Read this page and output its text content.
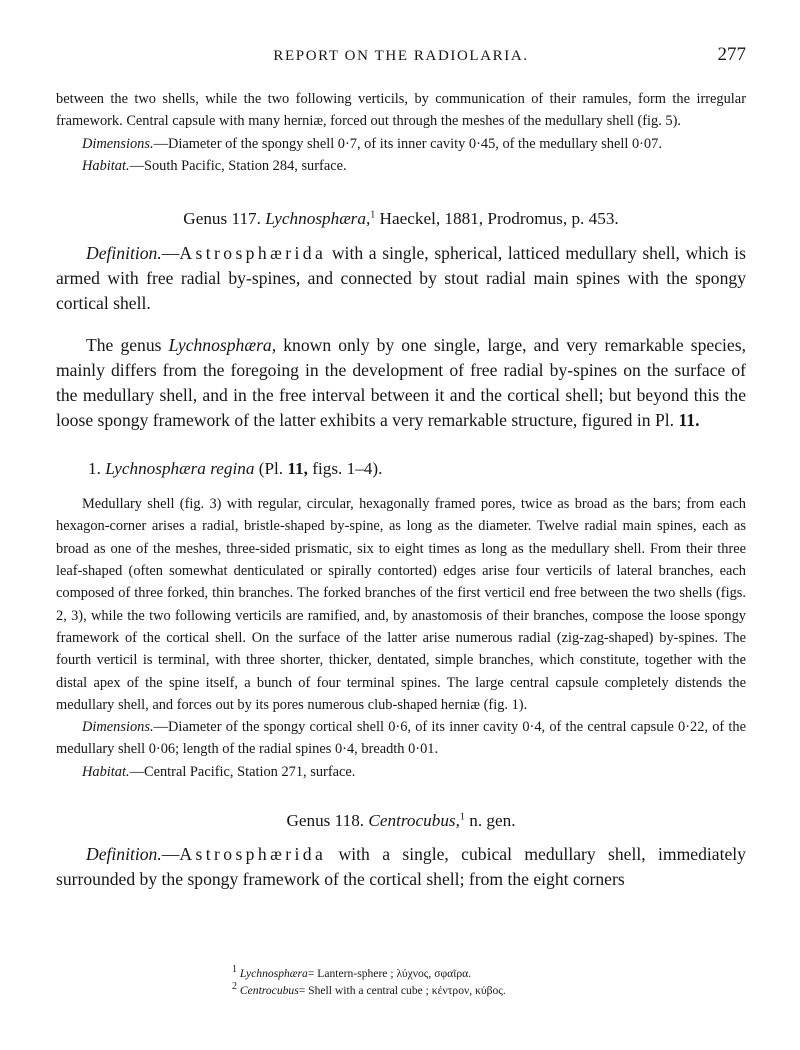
REPORT ON THE RADIOLARIA.	277

between the two shells, while the two following verticils, by communication of their ramules, form the irregular framework. Central capsule with many herniæ, forced out through the meshes of the medullary shell (fig. 5).

Dimensions.—Diameter of the spongy shell 0·7, of its inner cavity 0·45, of the medullary shell 0·07.

Habitat.—South Pacific, Station 284, surface.

Genus 117. Lychnosphæra,$^1$ Haeckel, 1881, Prodromus, p. 453.

Definition.—Astrosphærida with a single, spherical, latticed medullary shell, which is armed with free radial by-spines, and connected by stout radial main spines with the spongy cortical shell.

The genus Lychnosphæra, known only by one single, large, and very remarkable species, mainly differs from the foregoing in the development of free radial by-spines on the surface of the medullary shell, and in the free interval between it and the cortical shell; but beyond this the loose spongy framework of the latter exhibits a very remarkable structure, figured in Pl. 11.

1. Lychnosphæra regina (Pl. 11, figs. 1–4).

Medullary shell (fig. 3) with regular, circular, hexagonally framed pores, twice as broad as the bars; from each hexagon-corner arises a radial, bristle-shaped by-spine, as long as the diameter. Twelve radial main spines, each as broad as one of the meshes, three-sided prismatic, six to eight times as long as the medullary shell. From their three leaf-shaped (often somewhat denticulated or spirally contorted) edges arise four verticils of lateral branches, each composed of three forked, thin branches. The forked branches of the first verticil end free between the two shells (figs. 2, 3), while the two following verticils are ramified, and, by anastomosis of their branches, compose the loose spongy framework of the cortical shell. On the surface of the latter arise numerous radial (zig-zag-shaped) by-spines. The fourth verticil is terminal, with three shorter, thicker, dentated, simple branches, which constitute, together with the distal apex of the spine itself, a bunch of four terminal spines. The large central capsule completely distends the medullary shell, and forces out by its pores numerous club-shaped herniæ (fig. 1).

Dimensions.—Diameter of the spongy cortical shell 0·6, of its inner cavity 0·4, of the central capsule 0·22, of the medullary shell 0·06; length of the radial spines 0·4, breadth 0·01.

Habitat.—Central Pacific, Station 271, surface.

Genus 118. Centrocubus,$^1$ n. gen.

Definition.—Astrosphærida with a single, cubical medullary shell, immediately surrounded by the spongy framework of the cortical shell; from the eight corners

$^1$ Lychnosphæra= Lantern-sphere ; λύχνος, σφαῖρα.
$^2$ Centrocubus= Shell with a central cube ; κέντρον, κύβος.
